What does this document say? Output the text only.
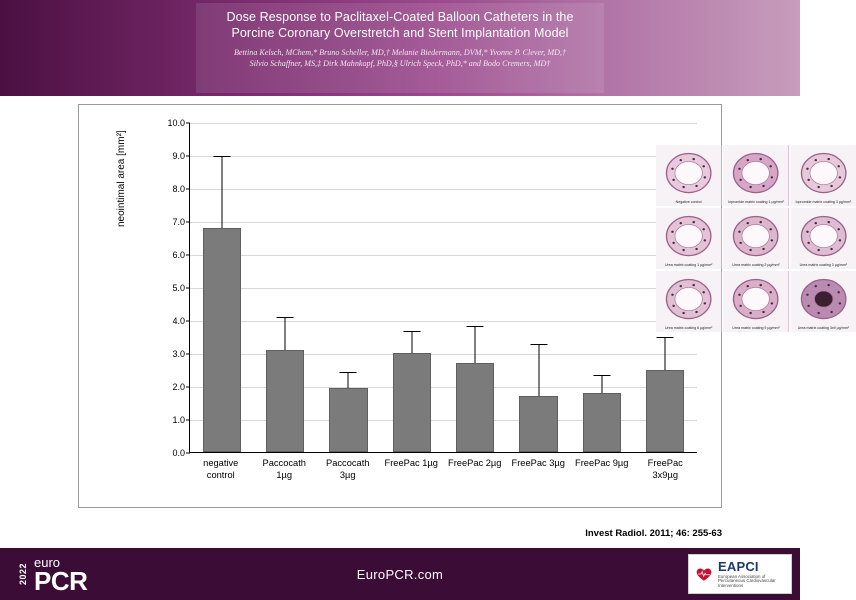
Dose Response to Paclitaxel-Coated Balloon Catheters in the
Porcine Coronary Overstretch and Stent Implantation Model
Bettina Kelsch, MChem,* Bruno Scheller, MD,† Melanie Biedermann, DVM,* Yvonne P. Clever, MD,†
Silvio Schaffner, MS,‡ Dirk Mahnkopf, PhD,§ Ulrich Speck, PhD,* and Bodo Cremers, MD†
neointimal area [mm²]
0.0
1.0
2.0
3.0
4.0
5.0
6.0
7.0
8.0
9.0
10.0
Negative control	Iopromide matrix coating 1 µg/mm²	Iopromide matrix coating 3 µg/mm²
Urea matrix coating 1 µg/mm²	Urea matrix coating 2 µg/mm²	Urea matrix coating 3 µg/mm²
Urea matrix coating 6 µg/mm²	Urea matrix coating 9 µg/mm²	Urea matrix coating 3x9 µg/mm²
negative
control
Paccocath
1µg
Paccocath
3µg
FreePac 1µg	FreePac 2µg	FreePac 3µg	FreePac 9µg	FreePac
3x9µg
Invest Radiol. 2011; 46: 255-63
2022
euro
PCR	EuroPCR.com
EAPCI
European Association of Percutaneous Cardiovascular Interventions
